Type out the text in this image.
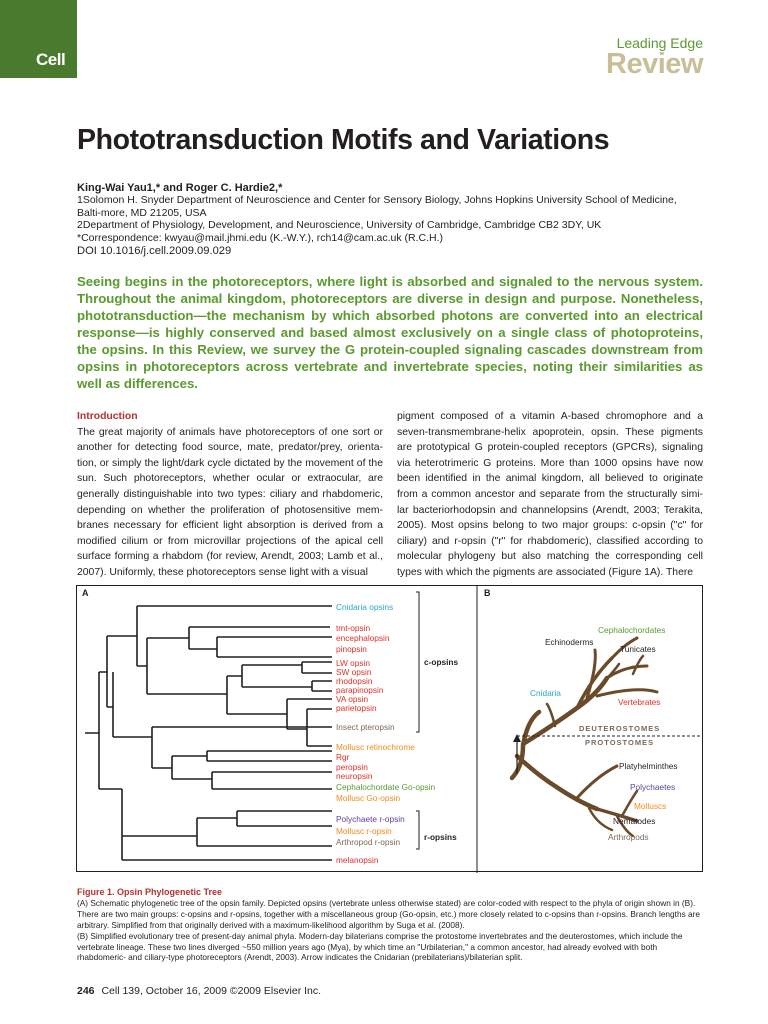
Cell
Leading Edge
Review
Phototransduction Motifs and Variations
King-Wai Yau1,* and Roger C. Hardie2,*
1Solomon H. Snyder Department of Neuroscience and Center for Sensory Biology, Johns Hopkins University School of Medicine, Balti-more, MD 21205, USA
2Department of Physiology, Development, and Neuroscience, University of Cambridge, Cambridge CB2 3DY, UK
*Correspondence: kwyau@mail.jhmi.edu (K.-W.Y.), rch14@cam.ac.uk (R.C.H.)
DOI 10.1016/j.cell.2009.09.029
Seeing begins in the photoreceptors, where light is absorbed and signaled to the nervous system. Throughout the animal kingdom, photoreceptors are diverse in design and purpose. Nonetheless, phototransduction—the mechanism by which absorbed photons are converted into an electrical response—is highly conserved and based almost exclusively on a single class of photoproteins, the opsins. In this Review, we survey the G protein-coupled signaling cascades downstream from opsins in photoreceptors across vertebrate and invertebrate species, noting their similarities as well as differences.
Introduction
The great majority of animals have photoreceptors of one sort or another for detecting food source, mate, predator/prey, orienta-tion, or simply the light/dark cycle dictated by the movement of the sun. Such photoreceptors, whether ocular or extraocular, are generally distinguishable into two types: ciliary and rhabdomeric, depending on whether the proliferation of photosensitive mem-branes necessary for efficient light absorption is derived from a modified cilium or from microvillar projections of the apical cell surface forming a rhabdom (for review, Arendt, 2003; Lamb et al., 2007). Uniformly, these photoreceptors sense light with a visual
pigment composed of a vitamin A-based chromophore and a seven-transmembrane-helix apoprotein, opsin. These pigments are prototypical G protein-coupled receptors (GPCRs), signaling via heterotrimeric G proteins. More than 1000 opsins have now been identified in the animal kingdom, all believed to originate from a common ancestor and separate from the structurally simi-lar bacteriorhodopsin and channelopsins (Arendt, 2003; Terakita, 2005). Most opsins belong to two major groups: c-opsin ("c" for ciliary) and r-opsin ("r" for rhabdomeric), classified according to molecular phylogeny but also matching the corresponding cell types with which the pigments are associated (Figure 1A). There
A	B
Cnidaria opsins
tmt-opsin
encephalopsin
pinopsin
LW opsin
SW opsin
rhodopsin
parapinopsin
VA opsin
parietopsin
Insect pteropsin
Mollusc retinochrome
Rgr
peropsin
neuropsin
Cephalochordate Go-opsin
Mollusc Go-opsin
Polychaete r-opsin
Mollusc r-opsin
Arthropod r-opsin
melanopsin
c-opsins
r-opsins
Cephalochordates
Echinoderms
Tunicates
Cnidaria
Vertebrates
DEUTEROSTOMES
PROTOSTOMES
Platyhelminthes
Polychaetes
Molluscs
Nematodes
Arthropods
Figure 1. Opsin Phylogenetic Tree
(A) Schematic phylogenetic tree of the opsin family. Depicted opsins (vertebrate unless otherwise stated) are color-coded with respect to the phyla of origin shown in (B). There are two main groups: c-opsins and r-opsins, together with a miscellaneous group (Go-opsin, etc.) more closely related to c-opsins than r-opsins. Branch lengths are arbitrary. Simplified from that originally derived with a maximum-likelihood algorithm by Suga et al. (2008).
(B) Simplified evolutionary tree of present-day animal phyla. Modern-day bilaterians comprise the protostome invertebrates and the deuterostomes, which include the vertebrate lineage. These two lines diverged ~550 million years ago (Mya), by which time an "Urbilaterian," a common ancestor, had already evolved with both rhabdomeric- and ciliary-type photoreceptors (Arendt, 2003). Arrow indicates the Cnidarian (prebilaterians)/bilaterian split.
246 Cell 139, October 16, 2009 ©2009 Elsevier Inc.
